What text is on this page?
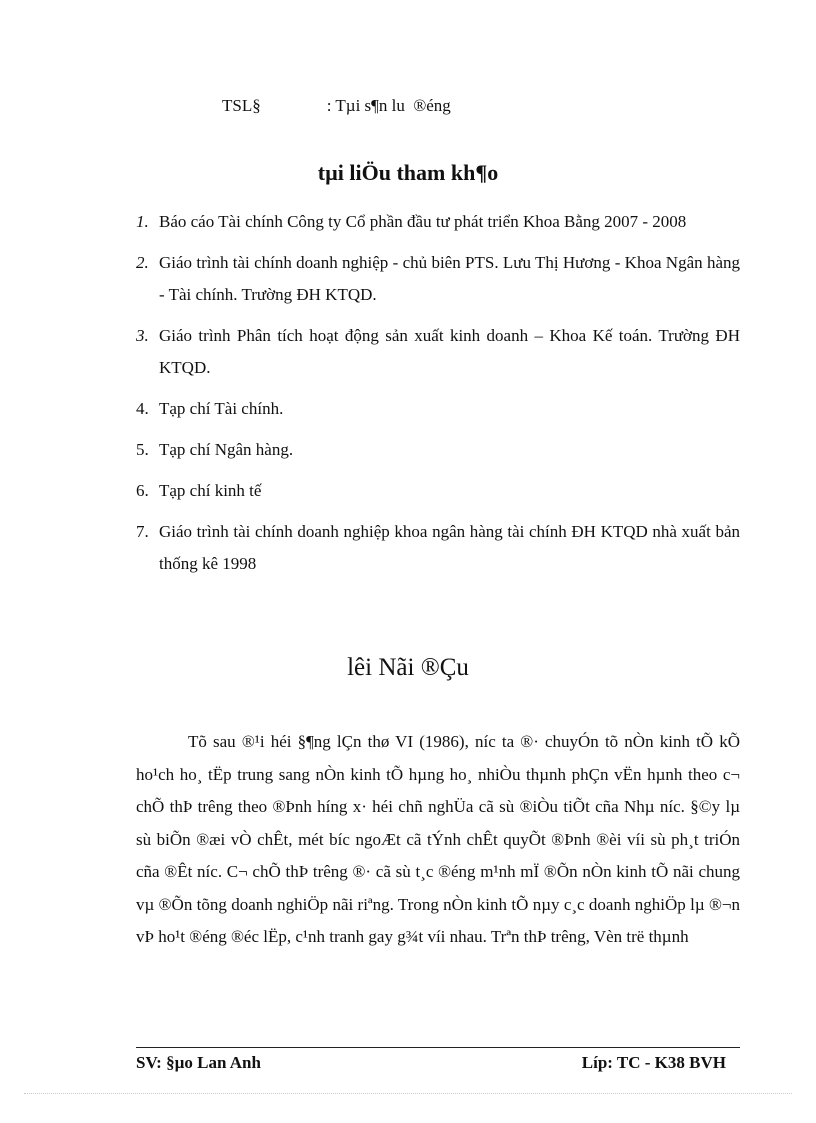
TSL§	: Tµi s¶n lu  ®éng
tµi liÖu tham kh¶o
1. Báo cáo Tài chính Công ty Cổ phần đầu tư phát triển Khoa Bằng 2007 - 2008
2. Giáo trình tài chính doanh nghiệp - chủ biên PTS. Lưu Thị Hương - Khoa Ngân hàng - Tài chính. Trường ĐH KTQD.
3. Giáo trình Phân tích hoạt động sản xuất kinh doanh – Khoa Kế toán. Trường ĐH KTQD.
4. Tạp chí Tài chính.
5. Tạp chí Ngân hàng.
6. Tạp chí kinh tế
7. Giáo trình tài chính doanh nghiệp khoa ngân hàng tài chính ĐH KTQD nhà xuất bản thống kê 1998
lêi Nãi ®Çu

Tõ sau ®¹i héi §¶ng lÇn thø VI (1986), níc ta ®· chuyÓn tõ nÒn kinh tÕ kÕ ho¹ch ho¸ tËp trung sang nÒn kinh tÕ hµng ho¸ nhiÒu thµnh phÇn vËn hµnh theo c¬ chÕ thÞ trêng theo ®Þnh híng x· héi chñ nghÜa cã sù ®iÒu tiÕt cña Nhµ níc. §©y lµ sù biÕn ®æi vÒ chÊt, mét bíc ngoÆt cã tÝnh chÊt quyÕt ®Þnh ®èi víi sù ph¸t triÓn cña ®Êt níc. C¬ chÕ thÞ trêng ®· cã sù t¸c ®éng m¹nh mÏ ®Õn nÒn kinh tÕ nãi chung vµ ®Õn tõng doanh nghiÖp nãi riªng. Trong nÒn kinh tÕ nµy c¸c doanh nghiÖp lµ ®¬n vÞ ho¹t ®éng ®éc lËp, c¹nh tranh gay g¾t víi nhau. Trªn thÞ trêng, Vèn trë thµnh

SV: §µo Lan Anh	Líp: TC - K38 BVH
